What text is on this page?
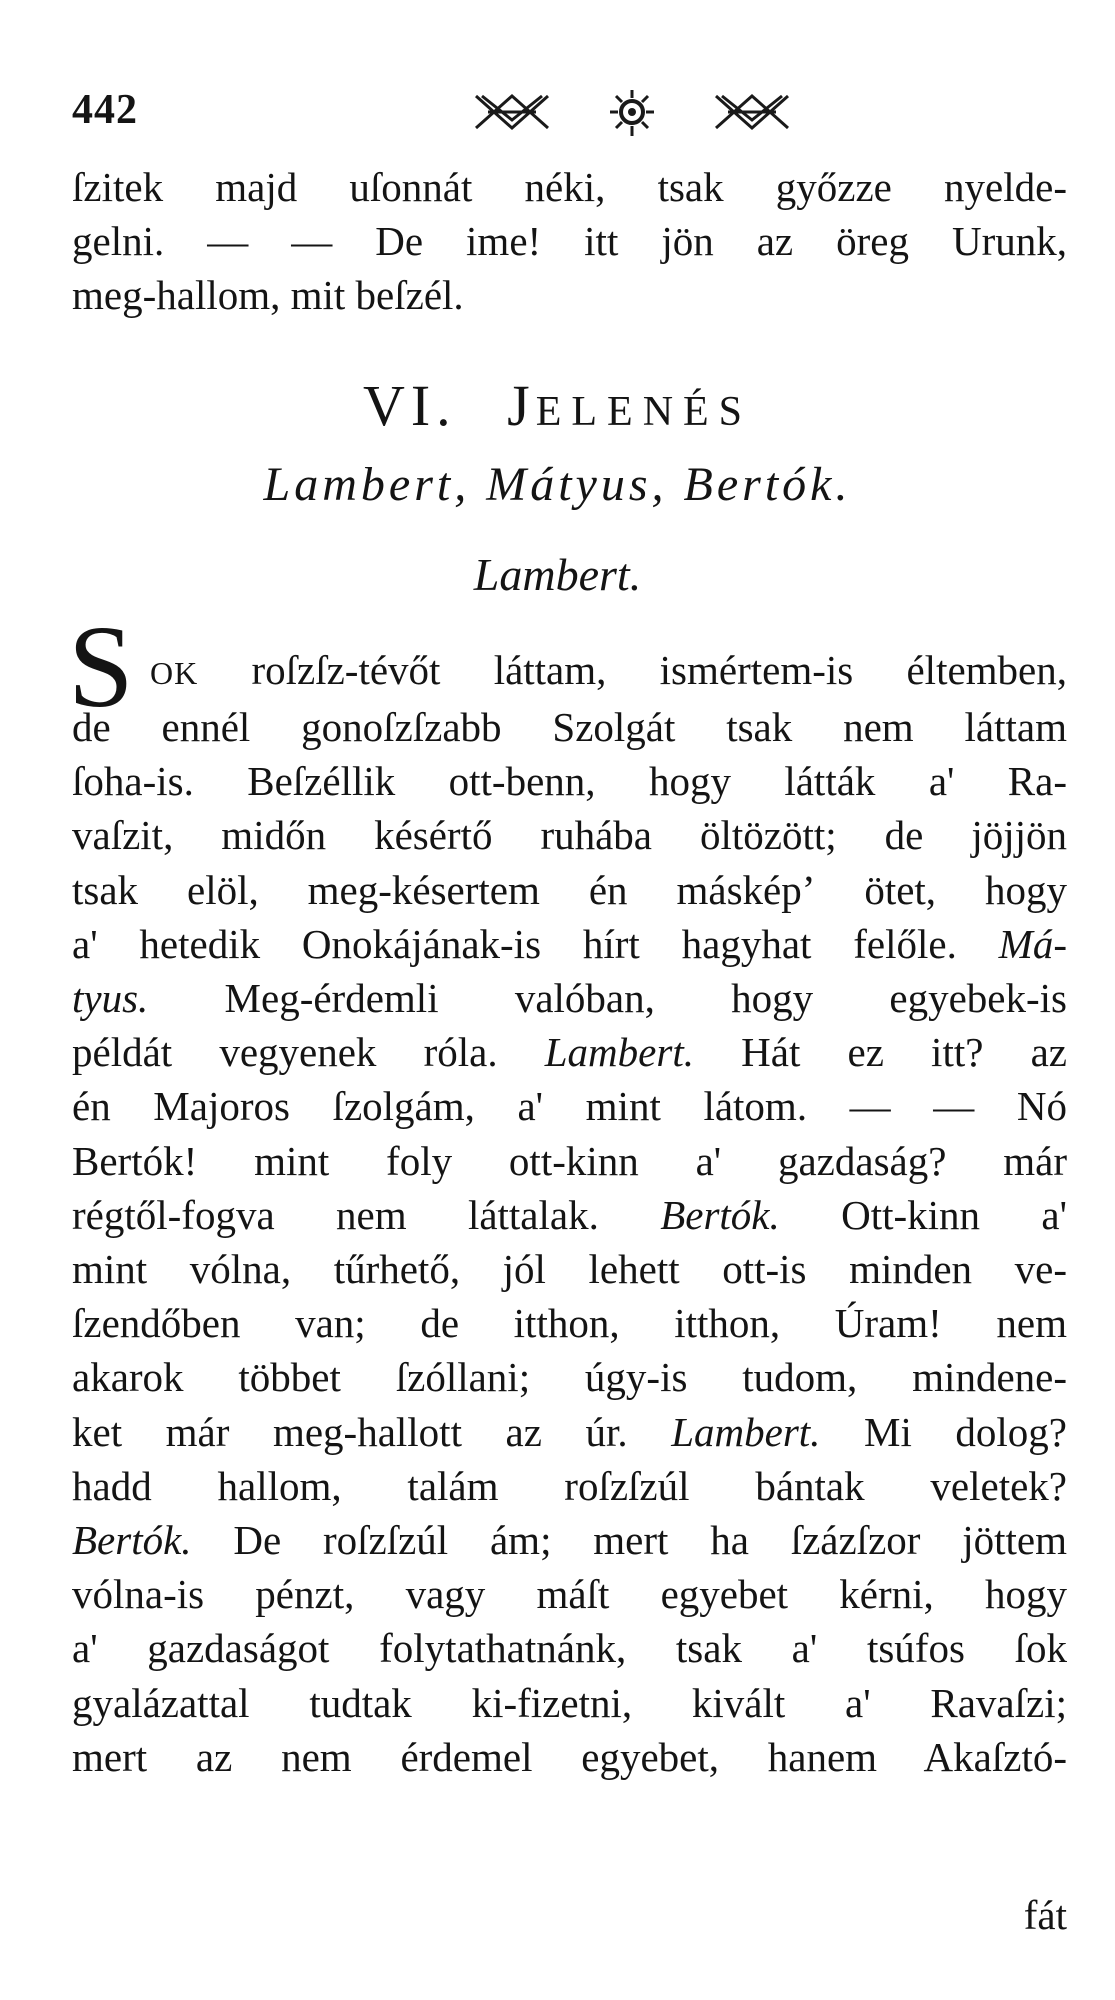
442
ſzitek majd uſonnát néki, tsak győzze nyelde-
gelni. — — De ime! itt jön az öreg Urunk,
meg-hallom, mit beſzél.
VI. JELENÉS
Lambert, Mátyus, Bertók.
Lambert.
S OK roſzſz-tévőt láttam, ismértem-is éltemben,
de ennél gonoſzſzabb Szolgát tsak nem láttam
ſoha-is. Beſzéllik ott-benn, hogy látták a' Ra-
vaſzit, midőn késértő ruhába öltözött; de jöjjön
tsak elöl, meg-késertem én másképʼ ötet, hogy
a' hetedik Onokájának-is hírt hagyhat felőle. Má-
tyus. Meg-érdemli valóban, hogy egyebek-is
példát vegyenek róla. Lambert. Hát ez itt? az
én Majoros ſzolgám, a' mint látom. — — Nó
Bertók! mint foly ott-kinn a' gazdaság? már
régtől-fogva nem láttalak. Bertók. Ott-kinn a'
mint vólna, tűrhető, jól lehett ott-is minden ve-
ſzendőben van; de itthon, itthon, Úram! nem
akarok többet ſzóllani; úgy-is tudom, mindene-
ket már meg-hallott az úr. Lambert. Mi dolog?
hadd hallom, talám roſzſzúl bántak veletek?
Bertók. De roſzſzúl ám; mert ha ſzázſzor jöttem
vólna-is pénzt, vagy máſt egyebet kérni, hogy
a' gazdaságot folytathatnánk, tsak a' tsúfos ſok
gyalázattal tudtak ki-fizetni, kivált a' Ravaſzi;
mert az nem érdemel egyebet, hanem Akaſztó-
fát
